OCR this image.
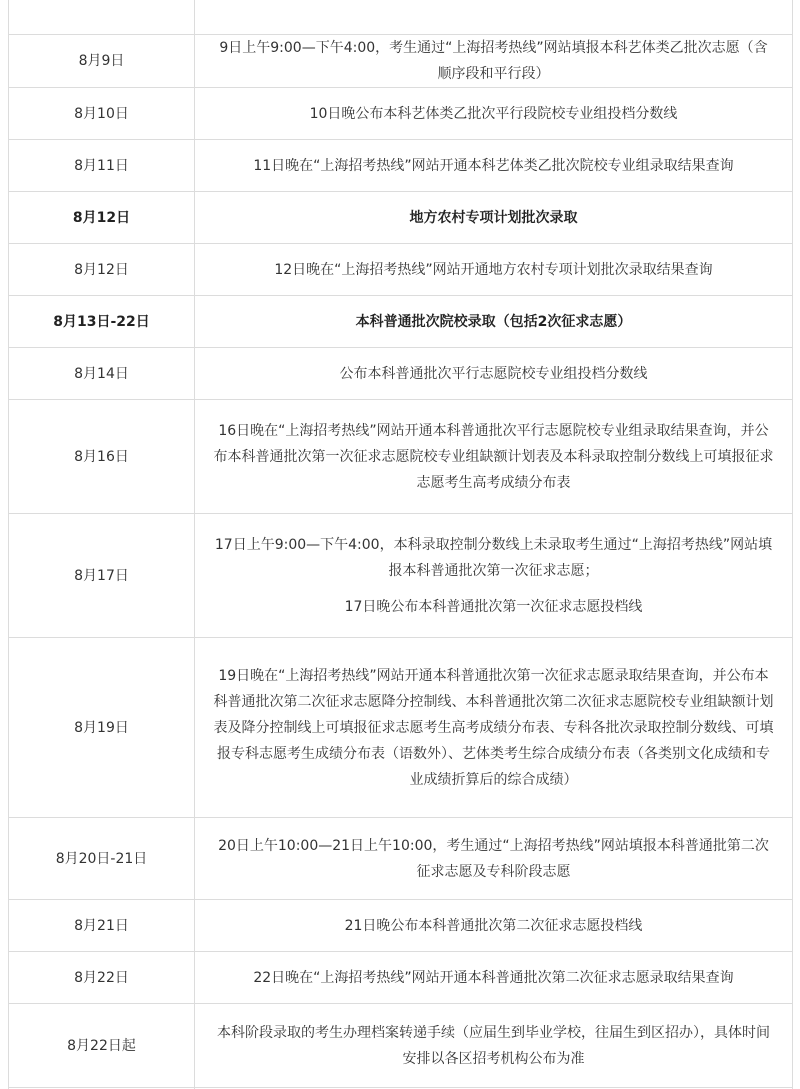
8月9日	9日上午9:00—下午4:00，考生通过“上海招考热线”网站填报本科艺体类乙批次志愿（含顺序段和平行段）

8月10日	10日晚公布本科艺体类乙批次平行段院校专业组投档分数线

8月11日	11日晚在“上海招考热线”网站开通本科艺体类乙批次院校专业组录取结果查询

8月12日	地方农村专项计划批次录取

8月12日	12日晚在“上海招考热线”网站开通地方农村专项计划批次录取结果查询

8月13日-22日	本科普通批次院校录取（包括2次征求志愿）

8月14日	公布本科普通批次平行志愿院校专业组投档分数线

8月16日	16日晚在“上海招考热线”网站开通本科普通批次平行志愿院校专业组录取结果查询，并公布本科普通批次第一次征求志愿院校专业组缺额计划表及本科录取控制分数线上可填报征求志愿考生高考成绩分布表

8月17日	17日上午9:00—下午4:00，本科录取控制分数线上未录取考生通过“上海招考热线”网站填报本科普通批次第一次征求志愿；
17日晚公布本科普通批次第一次征求志愿投档线

8月19日	19日晚在“上海招考热线”网站开通本科普通批次第一次征求志愿录取结果查询，并公布本科普通批次第二次征求志愿降分控制线、本科普通批次第二次征求志愿院校专业组缺额计划表及降分控制线上可填报征求志愿考生高考成绩分布表、专科各批次录取控制分数线、可填报专科志愿考生成绩分布表（语数外）、艺体类考生综合成绩分布表（各类别文化成绩和专业成绩折算后的综合成绩）

8月20日-21日	20日上午10:00—21日上午10:00，考生通过“上海招考热线”网站填报本科普通批第二次征求志愿及专科阶段志愿

8月21日	21日晚公布本科普通批次第二次征求志愿投档线

8月22日	22日晚在“上海招考热线”网站开通本科普通批次第二次征求志愿录取结果查询

8月22日起	本科阶段录取的考生办理档案转递手续（应届生到毕业学校，往届生到区招办），具体时间安排以各区招考机构公布为准
